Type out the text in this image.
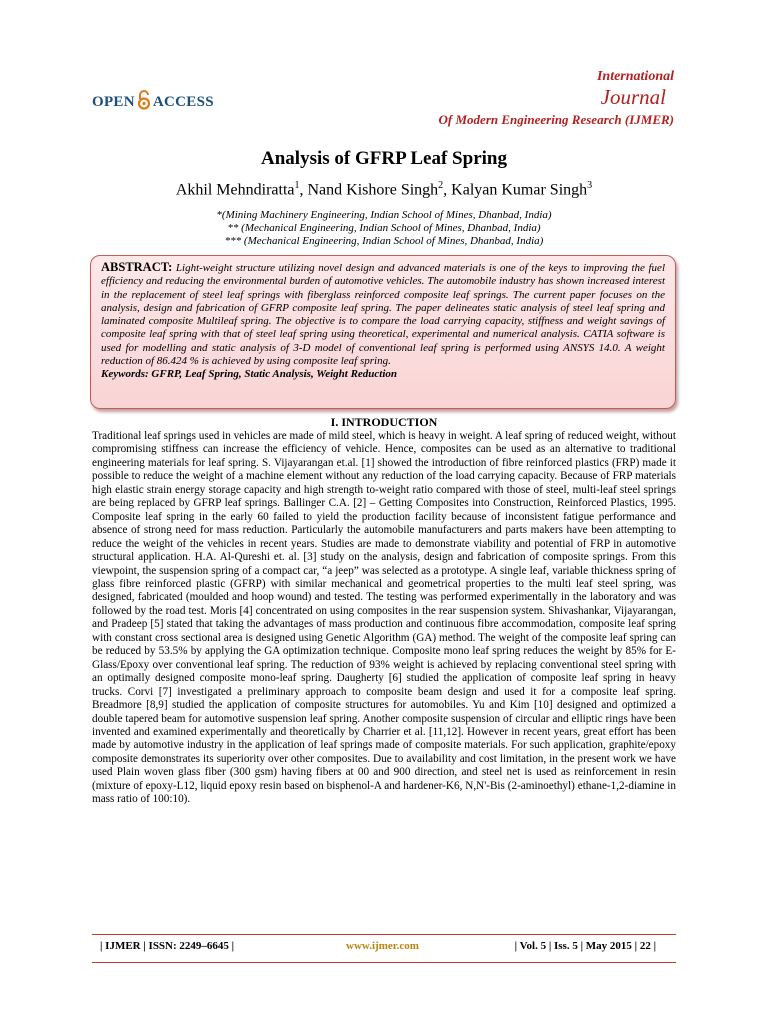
OPEN ACCESS
International
Journal
Of Modern Engineering Research (IJMER)
Analysis of GFRP Leaf Spring
Akhil Mehndiratta$^1$, Nand Kishore Singh$^2$, Kalyan Kumar Singh$^3$
*(Mining Machinery Engineering, Indian School of Mines, Dhanbad, India)
** (Mechanical Engineering, Indian School of Mines, Dhanbad, India)
*** (Mechanical Engineering, Indian School of Mines, Dhanbad, India)
ABSTRACT: Light-weight structure utilizing novel design and advanced materials is one of the keys to improving the fuel efficiency and reducing the environmental burden of automotive vehicles. The automobile industry has shown increased interest in the replacement of steel leaf springs with fiberglass reinforced composite leaf springs. The current paper focuses on the analysis, design and fabrication of GFRP composite leaf spring. The paper delineates static analysis of steel leaf spring and laminated composite Multileaf spring. The objective is to compare the load carrying capacity, stiffness and weight savings of composite leaf spring with that of steel leaf spring using theoretical, experimental and numerical analysis. CATIA software is used for modelling and static analysis of 3-D model of conventional leaf spring is performed using ANSYS 14.0. A weight reduction of 86.424 % is achieved by using composite leaf spring.
Keywords: GFRP, Leaf Spring, Static Analysis, Weight Reduction
I. INTRODUCTION
Traditional leaf springs used in vehicles are made of mild steel, which is heavy in weight. A leaf spring of reduced weight, without compromising stiffness can increase the efficiency of vehicle. Hence, composites can be used as an alternative to traditional engineering materials for leaf spring. S. Vijayarangan et.al. [1] showed the introduction of fibre reinforced plastics (FRP) made it possible to reduce the weight of a machine element without any reduction of the load carrying capacity. Because of FRP materials high elastic strain energy storage capacity and high strength to-weight ratio compared with those of steel, multi-leaf steel springs are being replaced by GFRP leaf springs. Ballinger C.A. [2] – Getting Composites into Construction, Reinforced Plastics, 1995. Composite leaf spring in the early 60 failed to yield the production facility because of inconsistent fatigue performance and absence of strong need for mass reduction. Particularly the automobile manufacturers and parts makers have been attempting to reduce the weight of the vehicles in recent years. Studies are made to demonstrate viability and potential of FRP in automotive structural application. H.A. Al-Qureshi et. al. [3] study on the analysis, design and fabrication of composite springs. From this viewpoint, the suspension spring of a compact car, “a jeep” was selected as a prototype. A single leaf, variable thickness spring of glass fibre reinforced plastic (GFRP) with similar mechanical and geometrical properties to the multi leaf steel spring, was designed, fabricated (moulded and hoop wound) and tested. The testing was performed experimentally in the laboratory and was followed by the road test. Moris [4] concentrated on using composites in the rear suspension system. Shivashankar, Vijayarangan, and Pradeep [5] stated that taking the advantages of mass production and continuous fibre accommodation, composite leaf spring with constant cross sectional area is designed using Genetic Algorithm (GA) method. The weight of the composite leaf spring can be reduced by 53.5% by applying the GA optimization technique. Composite mono leaf spring reduces the weight by 85% for E-Glass/Epoxy over conventional leaf spring. The reduction of 93% weight is achieved by replacing conventional steel spring with an optimally designed composite mono-leaf spring. Daugherty [6] studied the application of composite leaf spring in heavy trucks. Corvi [7] investigated a preliminary approach to composite beam design and used it for a composite leaf spring. Breadmore [8,9] studied the application of composite structures for automobiles. Yu and Kim [10] designed and optimized a double tapered beam for automotive suspension leaf spring. Another composite suspension of circular and elliptic rings have been invented and examined experimentally and theoretically by Charrier et al. [11,12]. However in recent years, great effort has been made by automotive industry in the application of leaf springs made of composite materials. For such application, graphite/epoxy composite demonstrates its superiority over other composites. Due to availability and cost limitation, in the present work we have used Plain woven glass fiber (300 gsm) having fibers at 00 and 900 direction, and steel net is used as reinforcement in resin (mixture of epoxy-L12, liquid epoxy resin based on bisphenol-A and hardener-K6, N,N'-Bis (2-aminoethyl) ethane-1,2-diamine in mass ratio of 100:10).
| IJMER | ISSN: 2249–6645 |	www.ijmer.com	| Vol. 5 | Iss. 5 | May 2015 | 22 |
